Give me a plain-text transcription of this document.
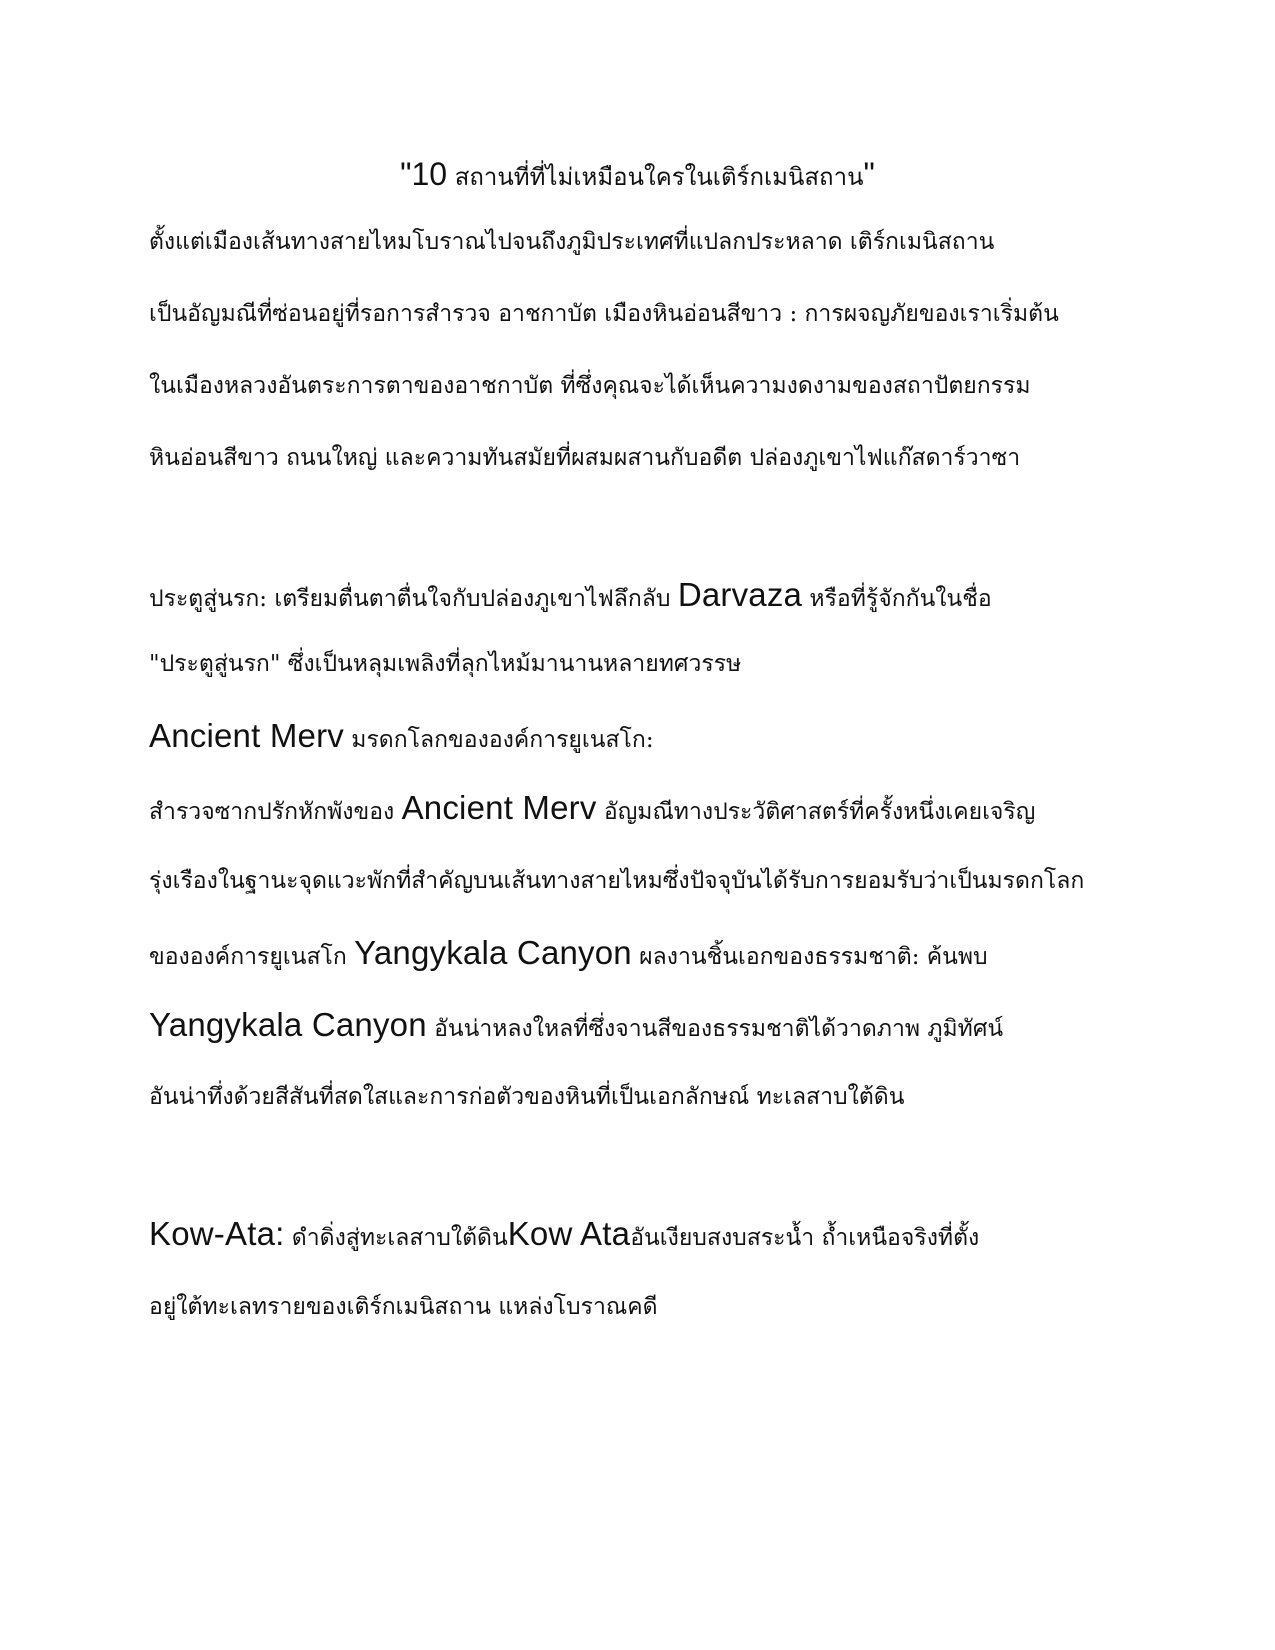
"10 สถานที่ที่ไม่เหมือนใครในเติร์กเมนิสถาน"
ตั้งแต่เมืองเส้นทางสายไหมโบราณไปจนถึงภูมิประเทศที่แปลกประหลาด เติร์กเมนิสถาน
เป็นอัญมณีที่ซ่อนอยู่ที่รอการสำรวจ อาชกาบัต เมืองหินอ่อนสีขาว : การผจญภัยของเราเริ่มต้น
ในเมืองหลวงอันตระการตาของอาชกาบัต ที่ซึ่งคุณจะได้เห็นความงดงามของสถาปัตยกรรม
หินอ่อนสีขาว ถนนใหญ่ และความทันสมัยที่ผสมผสานกับอดีต ปล่องภูเขาไฟแก๊สดาร์วาซา
ประตูสู่นรก: เตรียมตื่นตาตื่นใจกับปล่องภูเขาไฟลึกลับ Darvaza หรือที่รู้จักกันในชื่อ
"ประตูสู่นรก" ซึ่งเป็นหลุมเพลิงที่ลุกไหม้มานานหลายทศวรรษ
Ancient Merv มรดกโลกขององค์การยูเนสโก:
สำรวจซากปรักหักพังของ Ancient Merv อัญมณีทางประวัติศาสตร์ที่ครั้งหนึ่งเคยเจริญ
รุ่งเรืองในฐานะจุดแวะพักที่สำคัญบนเส้นทางสายไหมซึ่งปัจจุบันได้รับการยอมรับว่าเป็นมรดกโลก
ขององค์การยูเนสโก Yangykala Canyon ผลงานชิ้นเอกของธรรมชาติ: ค้นพบ
Yangykala Canyon อันน่าหลงใหลที่ซึ่งจานสีของธรรมชาติได้วาดภาพ ภูมิทัศน์
อันน่าทึ่งด้วยสีสันที่สดใสและการก่อตัวของหินที่เป็นเอกลักษณ์ ทะเลสาบใต้ดิน
Kow-Ata: ดำดิ่งสู่ทะเลสาบใต้ดินKow Ataอันเงียบสงบสระน้ำ ถ้ำเหนือจริงที่ตั้ง
อยู่ใต้ทะเลทรายของเติร์กเมนิสถาน แหล่งโบราณคดี
